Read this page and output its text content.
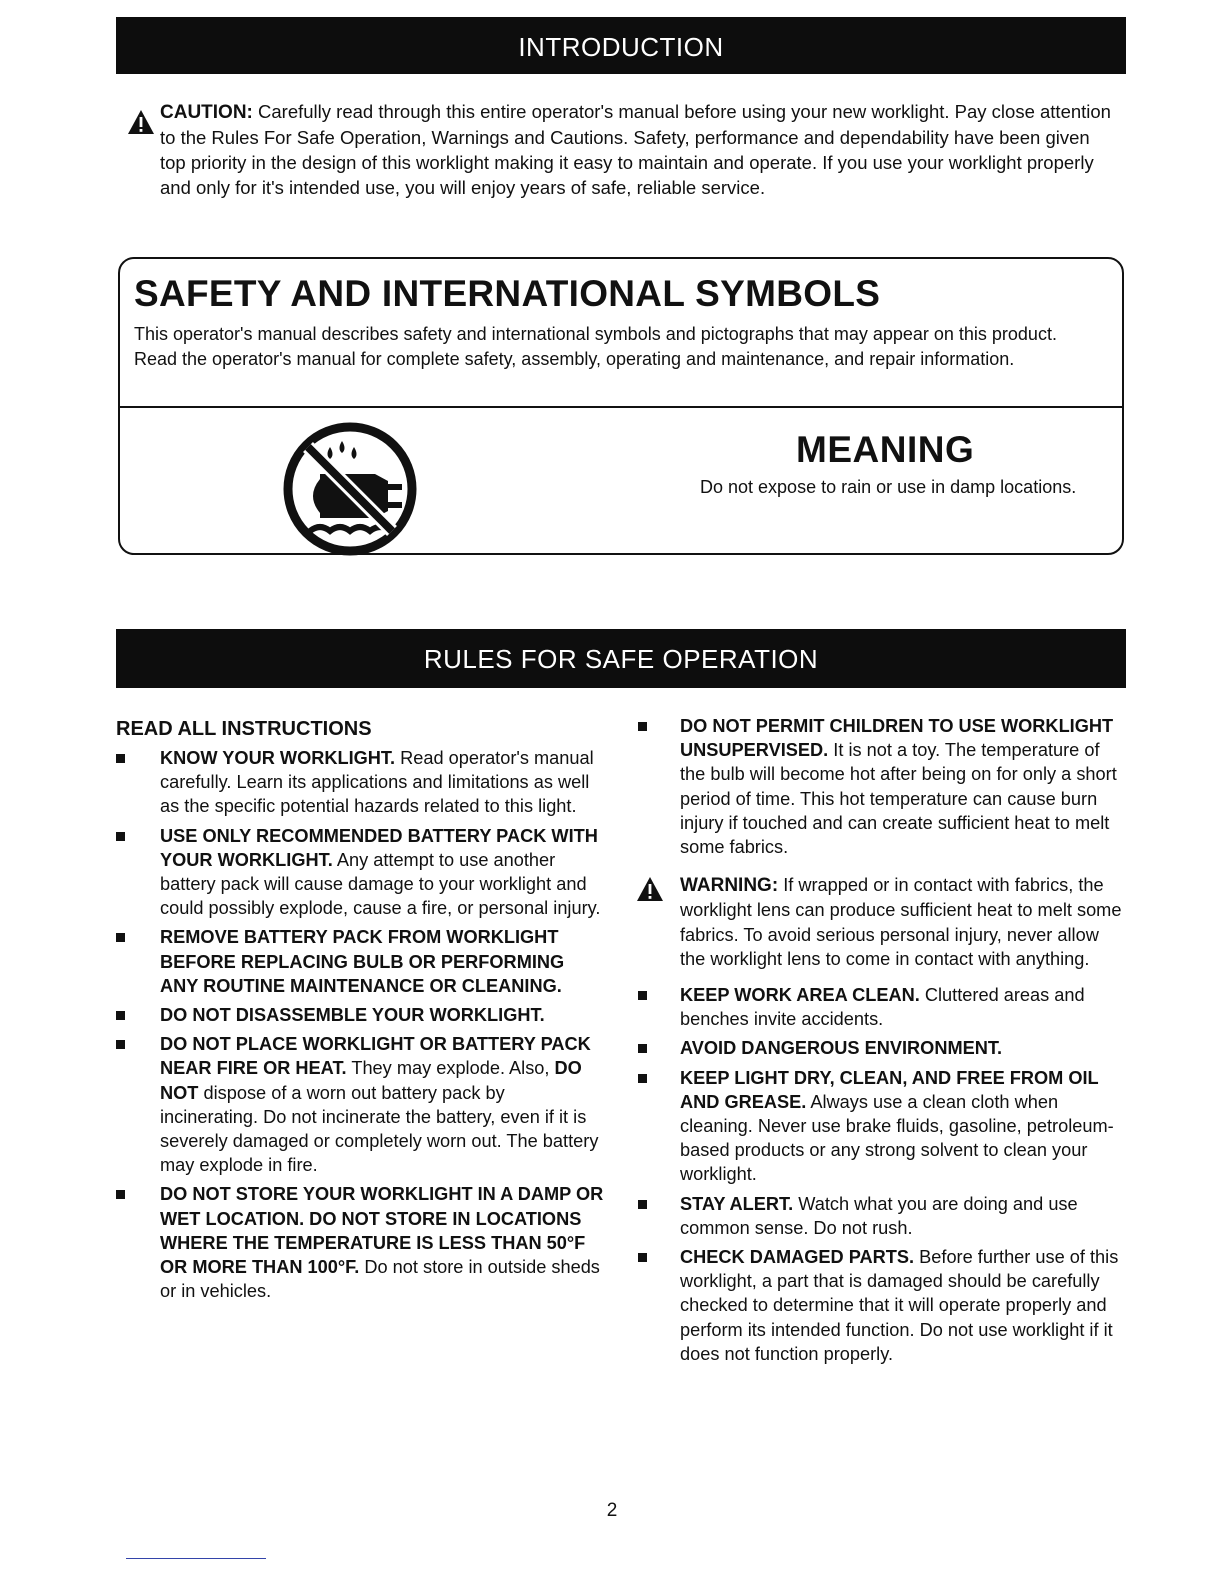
INTRODUCTION
CAUTION: Carefully read through this entire operator's manual before using your new worklight. Pay close attention to the Rules For Safe Operation, Warnings and Cautions. Safety, performance and dependability have been given top priority in the design of this worklight making it easy to maintain and operate. If you use your worklight properly and only for it's intended use, you will enjoy years of safe, reliable service.
SAFETY AND INTERNATIONAL SYMBOLS
This operator's manual describes safety and international symbols and pictographs that may appear on this product. Read the operator's manual for complete safety, assembly, operating and maintenance, and repair information.
MEANING
Do not expose to rain or use in damp locations.
RULES FOR SAFE OPERATION
READ ALL INSTRUCTIONS
KNOW YOUR WORKLIGHT. Read operator's manual carefully. Learn its applications and limitations as well as the specific potential hazards related to this light.
USE ONLY RECOMMENDED BATTERY PACK WITH YOUR WORKLIGHT. Any attempt to use another battery pack will cause damage to your worklight and could possibly explode, cause a fire, or personal injury.
REMOVE BATTERY PACK FROM WORKLIGHT BEFORE REPLACING BULB OR PERFORMING ANY ROUTINE MAINTENANCE OR CLEANING.
DO NOT DISASSEMBLE YOUR WORKLIGHT.
DO NOT PLACE WORKLIGHT OR BATTERY PACK NEAR FIRE OR HEAT. They may explode. Also, DO NOT dispose of a worn out battery pack by incinerating. Do not incinerate the battery, even if it is severely damaged or completely worn out. The battery may explode in fire.
DO NOT STORE YOUR WORKLIGHT IN A DAMP OR WET LOCATION. DO NOT STORE IN LOCATIONS WHERE THE TEMPERATURE IS LESS THAN 50°F OR MORE THAN 100°F. Do not store in outside sheds or in vehicles.
DO NOT PERMIT CHILDREN TO USE WORKLIGHT UNSUPERVISED. It is not a toy. The temperature of the bulb will become hot after being on for only a short period of time. This hot temperature can cause burn injury if touched and can create sufficient heat to melt some fabrics.
WARNING: If wrapped or in contact with fabrics, the worklight lens can produce sufficient heat to melt some fabrics. To avoid serious personal injury, never allow the worklight lens to come in contact with anything.
KEEP WORK AREA CLEAN. Cluttered areas and benches invite accidents.
AVOID DANGEROUS ENVIRONMENT.
KEEP LIGHT DRY, CLEAN, AND FREE FROM OIL AND GREASE. Always use a clean cloth when cleaning. Never use brake fluids, gasoline, petroleum-based products or any strong solvent to clean your worklight.
STAY ALERT. Watch what you are doing and use common sense. Do not rush.
CHECK DAMAGED PARTS. Before further use of this worklight, a part that is damaged should be carefully checked to determine that it will operate properly and perform its intended function. Do not use worklight if it does not function properly.
2
